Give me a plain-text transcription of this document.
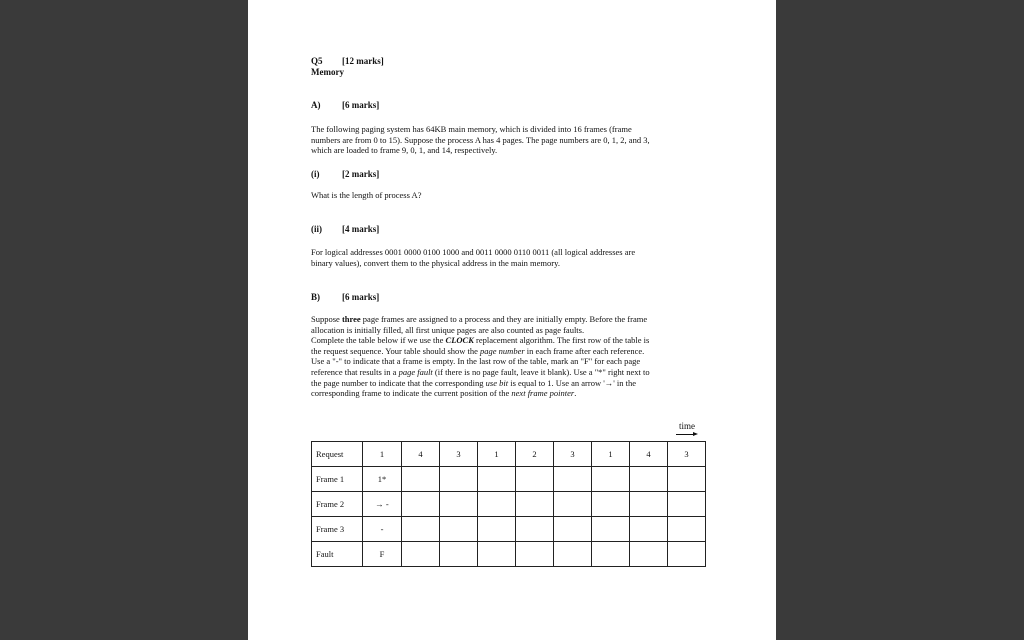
Q5 [12 marks]
Memory
A) [6 marks]
The following paging system has 64KB main memory, which is divided into 16 frames (frame
numbers are from 0 to 15). Suppose the process A has 4 pages. The page numbers are 0, 1, 2, and 3,
which are loaded to frame 9, 0, 1, and 14, respectively.
(i)	[2 marks]
What is the length of process A?
(ii) [4 marks]
For logical addresses 0001 0000 0100 1000 and 0011 0000 0110 0011 (all logical addresses are
binary values), convert them to the physical address in the main memory.
B) [6 marks]
Suppose three page frames are assigned to a process and they are initially empty. Before the frame
allocation is initially filled, all first unique pages are also counted as page faults.
Complete the table below if we use the CLOCK replacement algorithm. The first row of the table is
the request sequence. Your table should show the page number in each frame after each reference.
Use a "-" to indicate that a frame is empty. In the last row of the table, mark an "F" for each page
reference that results in a page fault (if there is no page fault, leave it blank). Use a "*" right next to
the page number to indicate that the corresponding use bit is equal to 1. Use an arrow '→' in the
corresponding frame to indicate the current position of the next frame pointer.
time
Request	1	4	3	1	2	3	1	4	3
Frame 1	1*								
Frame 2	→ -								
Frame 3	-								
Fault	F								
